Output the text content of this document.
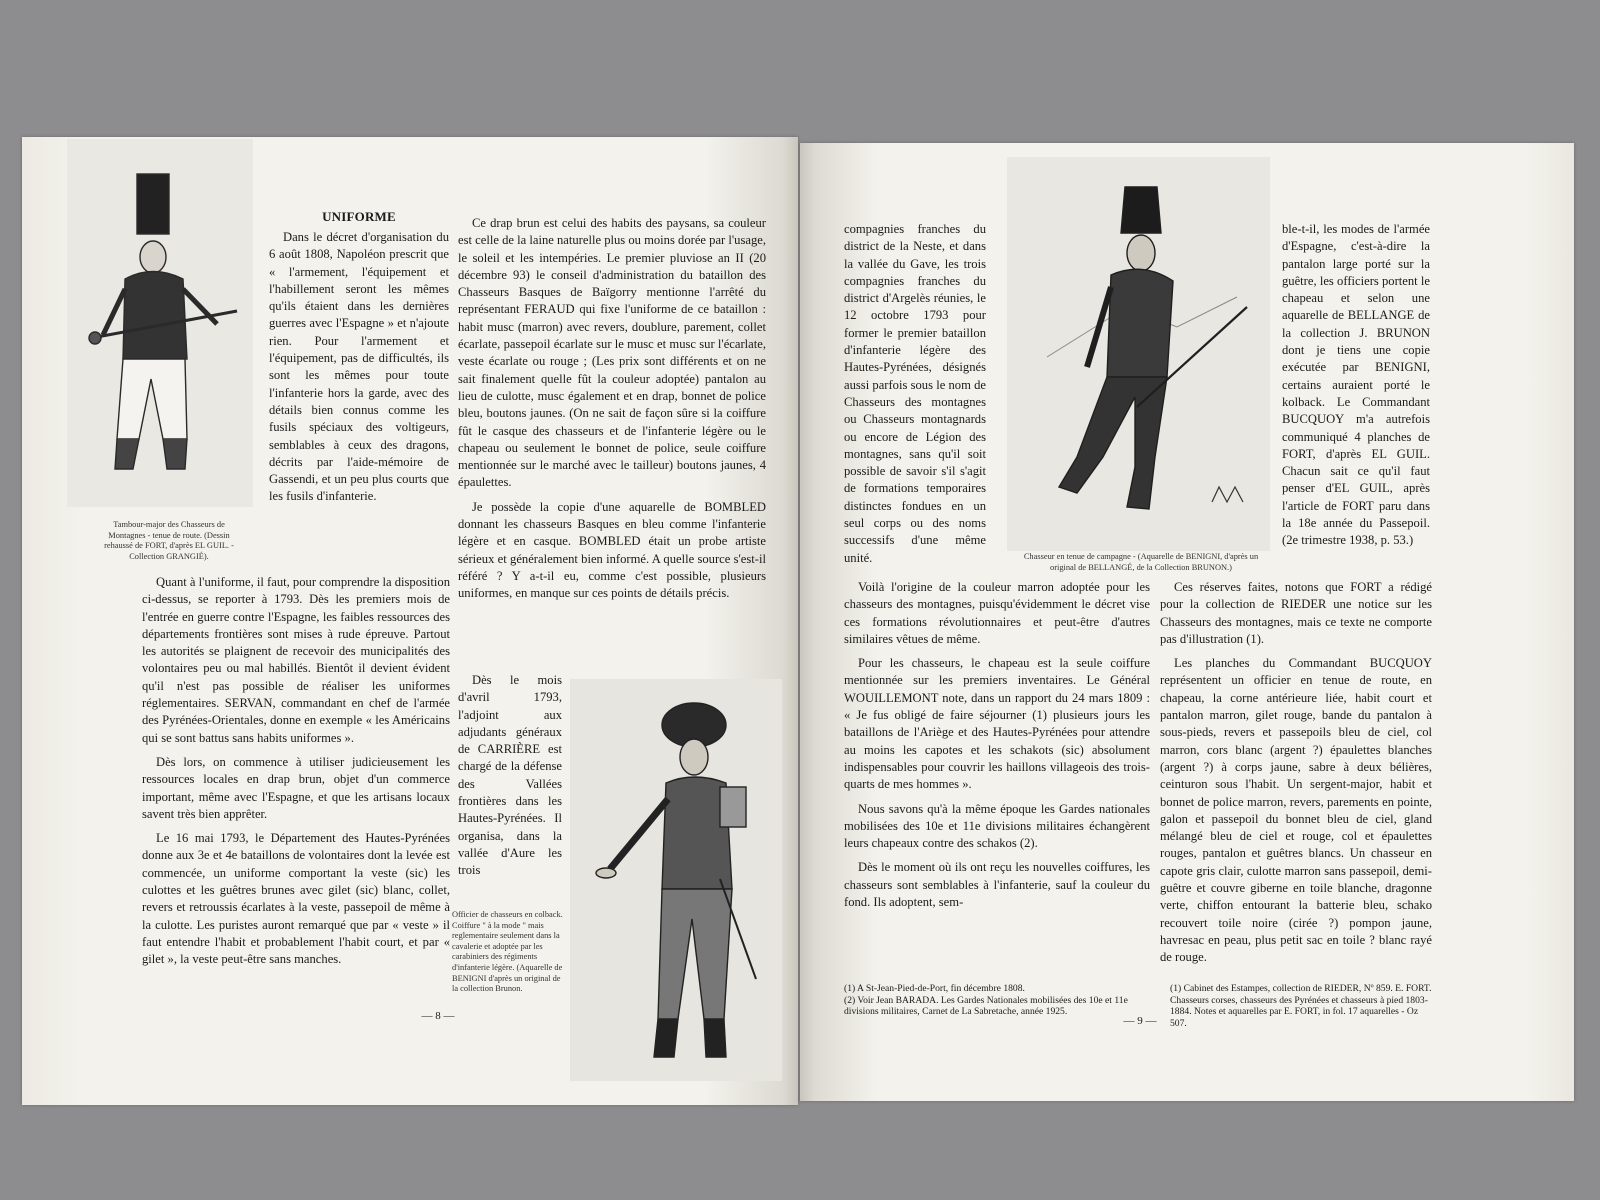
Tambour-major des Chasseurs de Montagnes - tenue de route. (Dessin rehaussé de FORT, d'après EL GUIL. - Collection GRANGIÉ).
UNIFORME

Dans le décret d'organisation du 6 août 1808, Napoléon prescrit que « l'armement, l'équipement et l'habillement seront les mêmes qu'ils étaient dans les dernières guerres avec l'Espagne » et n'ajoute rien. Pour l'armement et l'équipement, pas de difficultés, ils sont les mêmes pour toute l'infanterie hors la garde, avec des détails bien connus comme les fusils spéciaux des voltigeurs, semblables à ceux des dragons, décrits par l'aide-mémoire de Gassendi, et un peu plus courts que les fusils d'infanterie.

Quant à l'uniforme, il faut, pour comprendre la disposition ci-dessus, se reporter à 1793. Dès les premiers mois de l'entrée en guerre contre l'Espagne, les faibles ressources des départements frontières sont mises à rude épreuve. Partout les autorités se plaignent de recevoir des municipalités des volontaires peu ou mal habillés. Bientôt il devient évident qu'il n'est pas possible de réaliser les uniformes réglementaires. SERVAN, commandant en chef de l'armée des Pyrénées-Orientales, donne en exemple « les Américains qui se sont battus sans habits uniformes ».

Dès lors, on commence à utiliser judicieusement les ressources locales en drap brun, objet d'un commerce important, même avec l'Espagne, et que les artisans locaux savent très bien apprêter.

Le 16 mai 1793, le Département des Hautes-Pyrénées donne aux 3e et 4e bataillons de volontaires dont la levée est commencée, un uniforme comportant la veste (sic) les culottes et les guêtres brunes avec gilet (sic) blanc, collet, revers et retroussis écarlates à la veste, passepoil de même à la culotte. Les puristes auront remarqué que par « veste » il faut entendre l'habit et probablement l'habit court, et par « gilet », la veste peut-être sans manches.

Ce drap brun est celui des habits des paysans, sa couleur est celle de la laine naturelle plus ou moins dorée par l'usage, le soleil et les intempéries. Le premier pluviose an II (20 décembre 93) le conseil d'administration du bataillon des Chasseurs Basques de Baïgorry mentionne l'arrêté du représentant FERAUD qui fixe l'uniforme de ce bataillon : habit musc (marron) avec revers, doublure, parement, collet écarlate, passepoil écarlate sur le musc et musc sur l'écarlate, veste écarlate ou rouge ; (Les prix sont différents et on ne sait finalement quelle fût la couleur adoptée) pantalon au lieu de culotte, musc également et en drap, bonnet de police bleu, boutons jaunes. (On ne sait de façon sûre si la coiffure fût le casque des chasseurs et de l'infanterie légère ou le chapeau ou seulement le bonnet de police, seule coiffure mentionnée sur le marché avec le tailleur) boutons jaunes, 4 épaulettes.

Je possède la copie d'une aquarelle de BOMBLED donnant les chasseurs Basques en bleu comme l'infanterie légère et en casque. BOMBLED était un probe artiste sérieux et généralement bien informé. A quelle source s'est-il référé ? Y a-t-il eu, comme c'est possible, plusieurs uniformes, en manque sur ces points de détails précis.

Dès le mois d'avril 1793, l'adjoint aux adjudants généraux de CARRIÈRE est chargé de la défense des Vallées frontières dans les Hautes-Pyrénées. Il organisa, dans la vallée d'Aure les trois

Officier de chasseurs en colback. Coiffure " à la mode " mais reglementaire seulement dans la cavalerie et adoptée par les carabiniers des régiments d'infanterie légère. (Aquarelle de BENIGNI d'après un original de la collection Brunon.
— 8 —

compagnies franches du district de la Neste, et dans la vallée du Gave, les trois compagnies franches du district d'Argelès réunies, le 12 octobre 1793 pour former le premier bataillon d'infanterie légère des Hautes-Pyrénées, désignés aussi parfois sous le nom de Chasseurs des montagnes ou Chasseurs montagnards ou encore de Légion des montagnes, sans qu'il soit possible de savoir s'il s'agit de formations temporaires distinctes fondues en un seul corps ou des noms successifs d'une même unité.	Chasseur en tenue de campagne - (Aquarelle de BENIGNI, d'après un original de BELLANGÉ, de la Collection BRUNON.)

ble-t-il, les modes de l'armée d'Espagne, c'est-à-dire la pantalon large porté sur la guêtre, les officiers portent le chapeau et selon une aquarelle de BELLANGE de la collection J. BRUNON dont je tiens une copie exécutée par BENIGNI, certains auraient porté le kolback. Le Commandant BUCQUOY m'a autrefois communiqué 4 planches de FORT, d'après EL GUIL. Chacun sait ce qu'il faut penser d'EL GUIL, après l'article de FORT paru dans la 18e année du Passepoil. (2e trimestre 1938, p. 53.)

Voilà l'origine de la couleur marron adoptée pour les chasseurs des montagnes, puisqu'évidemment le décret vise ces formations révolutionnaires et peut-être d'autres similaires vêtues de même.

Pour les chasseurs, le chapeau est la seule coiffure mentionnée sur les premiers inventaires. Le Général WOUILLEMONT note, dans un rapport du 24 mars 1809 : « Je fus obligé de faire séjourner (1) plusieurs jours les bataillons de l'Ariège et des Hautes-Pyrénées pour attendre au moins les capotes et les schakots (sic) absolument indispensables pour couvrir les haillons villageois des trois-quarts de mes hommes ».

Nous savons qu'à la même époque les Gardes nationales mobilisées des 10e et 11e divisions militaires échangèrent leurs chapeaux contre des schakos (2).

Dès le moment où ils ont reçu les nouvelles coiffures, les chasseurs sont semblables à l'infanterie, sauf la couleur du fond. Ils adoptent, sem-

Ces réserves faites, notons que FORT a rédigé pour la collection de RIEDER une notice sur les Chasseurs des montagnes, mais ce texte ne comporte pas d'illustration (1).

Les planches du Commandant BUCQUOY représentent un officier en tenue de route, en chapeau, la corne antérieure liée, habit court et pantalon marron, gilet rouge, bande du pantalon à sous-pieds, revers et passepoils bleu de ciel, col marron, cors blanc (argent ?) épaulettes blanches (argent ?) à corps jaune, sabre à deux bélières, ceinturon sous l'habit. Un sergent-major, habit et bonnet de police marron, revers, parements en pointe, galon et passepoil du bonnet bleu de ciel, gland mélangé bleu de ciel et rouge, col et épaulettes rouges, pantalon et guêtres blancs. Un chasseur en capote gris clair, culotte marron sans passepoil, demi-guêtre et couvre giberne en toile blanche, dragonne verte, chiffon entourant la batterie bleu, schako recouvert toile noire (cirée ?) pompon jaune, havresac en peau, plus petit sac en toile ? blanc rayé de rouge.

(1) A St-Jean-Pied-de-Port, fin décembre 1808.

(2) Voir Jean BARADA. Les Gardes Nationales mobilisées des 10e et 11e divisions militaires, Carnet de La Sabretache, année 1925.

(1) Cabinet des Estampes, collection de RIEDER, Nº 859. E. FORT. Chasseurs corses, chasseurs des Pyrénées et chasseurs à pied 1803-1884. Notes et aquarelles par E. FORT, in fol. 17 aquarelles - Oz 507.

— 9 —
